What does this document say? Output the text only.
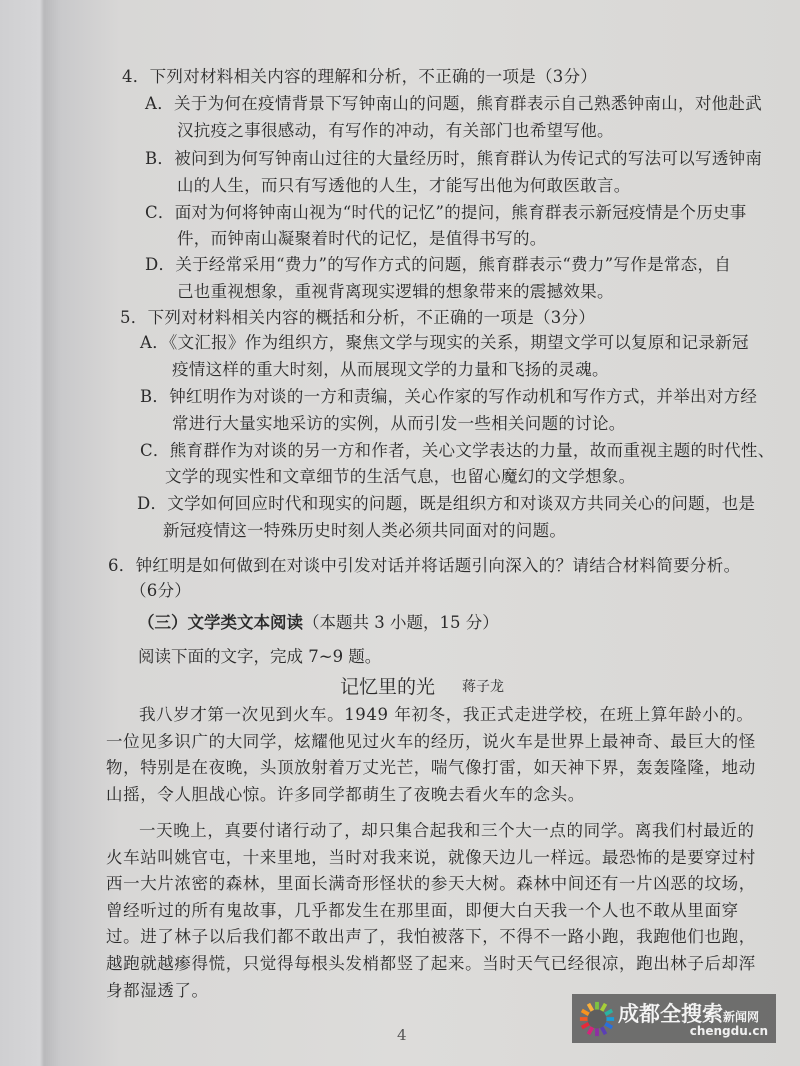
4．下列对材料相关内容的理解和分析，不正确的一项是（3分）
A．关于为何在疫情背景下写钟南山的问题，熊育群表示自己熟悉钟南山，对他赴武
汉抗疫之事很感动，有写作的冲动，有关部门也希望写他。
B．被问到为何写钟南山过往的大量经历时，熊育群认为传记式的写法可以写透钟南
山的人生，而只有写透他的人生，才能写出他为何敢医敢言。
C．面对为何将钟南山视为“时代的记忆”的提问，熊育群表示新冠疫情是个历史事
件，而钟南山凝聚着时代的记忆，是值得书写的。
D．关于经常采用“费力”的写作方式的问题，熊育群表示“费力”写作是常态，自
己也重视想象，重视背离现实逻辑的想象带来的震撼效果。
5．下列对材料相关内容的概括和分析，不正确的一项是（3分）
A．《文汇报》作为组织方，聚焦文学与现实的关系，期望文学可以复原和记录新冠
疫情这样的重大时刻，从而展现文学的力量和飞扬的灵魂。
B．钟红明作为对谈的一方和责编，关心作家的写作动机和写作方式，并举出对方经
常进行大量实地采访的实例，从而引发一些相关问题的讨论。
C．熊育群作为对谈的另一方和作者，关心文学表达的力量，故而重视主题的时代性、
文学的现实性和文章细节的生活气息，也留心魔幻的文学想象。
D．文学如何回应时代和现实的问题，既是组织方和对谈双方共同关心的问题，也是
新冠疫情这一特殊历史时刻人类必须共同面对的问题。
6．钟红明是如何做到在对谈中引发对话并将话题引向深入的？请结合材料简要分析。
（6分）
（三）文学类文本阅读（本题共 3 小题，15 分）
阅读下面的文字，完成 7~9 题。
记忆里的光 蒋子龙
我八岁才第一次见到火车。1949 年初冬，我正式走进学校，在班上算年龄小的。一位见多识广的大同学，炫耀他见过火车的经历，说火车是世界上最神奇、最巨大的怪物，特别是在夜晚，头顶放射着万丈光芒，喘气像打雷，如天神下界，轰轰隆隆，地动山摇，令人胆战心惊。许多同学都萌生了夜晚去看火车的念头。
一天晚上，真要付诸行动了，却只集合起我和三个大一点的同学。离我们村最近的火车站叫姚官屯，十来里地，当时对我来说，就像天边儿一样远。最恐怖的是要穿过村西一大片浓密的森林，里面长满奇形怪状的参天大树。森林中间还有一片凶恶的坟场，曾经听过的所有鬼故事，几乎都发生在那里面，即便大白天我一个人也不敢从里面穿过。进了林子以后我们都不敢出声了，我怕被落下，不得不一路小跑，我跑他们也跑，越跑就越瘆得慌，只觉得每根头发梢都竖了起来。当时天气已经很凉，跑出林子后却浑身都湿透了。
4
成都全搜索新闻网
chengdu.cn
